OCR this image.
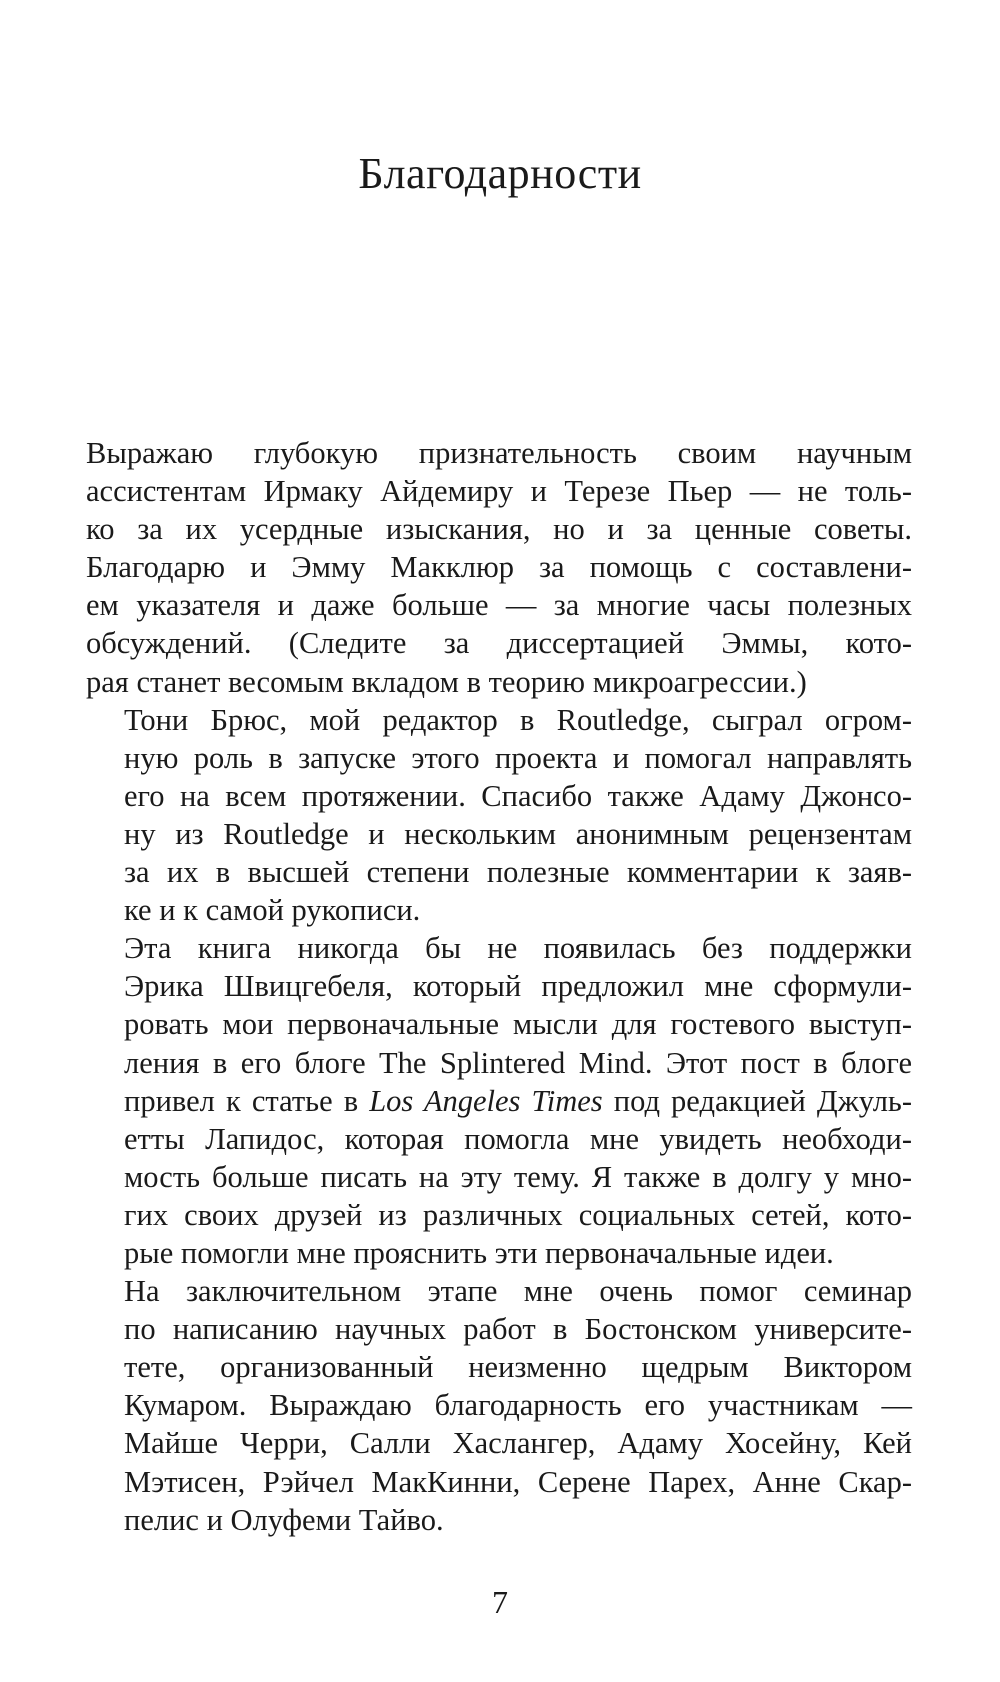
Благодарности

Выражаю глубокую признательность своим научным
ассистентам Ирмаку Айдемиру и Терезе Пьер — не толь-
ко за их усердные изыскания, но и за ценные советы.
Благодарю и Эмму Макклюр за помощь с составлени-
ем указателя и даже больше — за многие часы полезных
обсуждений. (Следите за диссертацией Эммы, кото-
рая станет весомым вкладом в теорию микроагрессии.)

Тони Брюс, мой редактор в Routledge, сыграл огром-
ную роль в запуске этого проекта и помогал направлять
его на всем протяжении. Спасибо также Адаму Джонсо-
ну из Routledge и нескольким анонимным рецензентам
за их в высшей степени полезные комментарии к заяв-
ке и к самой рукописи.

Эта книга никогда бы не появилась без поддержки
Эрика Швицгебеля, который предложил мне сформули-
ровать мои первоначальные мысли для гостевого выступ-
ления в его блоге The Splintered Mind. Этот пост в блоге
привел к статье в Los Angeles Times под редакцией Джуль-
етты Лапидос, которая помогла мне увидеть необходи-
мость больше писать на эту тему. Я также в долгу у мно-
гих своих друзей из различных социальных сетей, кото-
рые помогли мне прояснить эти первоначальные идеи.

На заключительном этапе мне очень помог семинар
по написанию научных работ в Бостонском университе-
тете, организованный неизменно щедрым Виктором
Кумаром. Выраждаю благодарность его участникам —
Майше Черри, Салли Хаслангер, Адаму Хосейну, Кей
Мэтисен, Рэйчел МакКинни, Серене Парех, Анне Скар-
пелис и Олуфеми Тайво.

7
